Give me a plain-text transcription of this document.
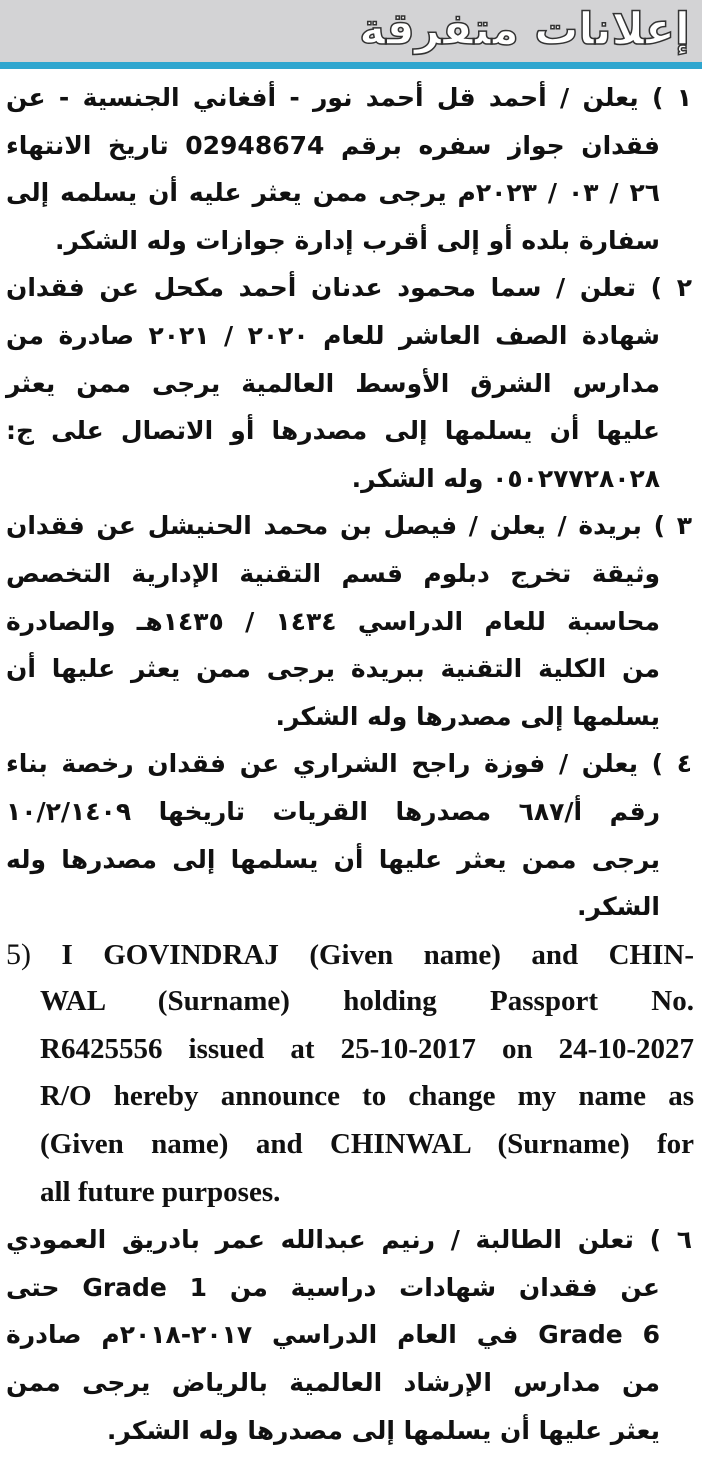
إعلانات متفرقة
١ ) يعلن / أحمد قل أحمد نور - أفغاني الجنسية - عن
فقدان جواز سفره برقم 02948674 تاريخ الانتهاء
٢٦ / ٠٣ / ٢٠٢٣م يرجى ممن يعثر عليه أن يسلمه إلى
سفارة بلده أو إلى أقرب إدارة جوازات وله الشكر.
٢ ) تعلن / سما محمود عدنان أحمد مكحل عن فقدان
شهادة الصف العاشر للعام ٢٠٢٠ / ٢٠٢١ صادرة من
مدارس الشرق الأوسط العالمية يرجى ممن يعثر
عليها أن يسلمها إلى مصدرها أو الاتصال على ج:
٠٥٠٢٧٧٢٨٠٢٨ وله الشكر.
٣ ) بريدة / يعلن / فيصل بن محمد الحنيشل عن فقدان
وثيقة تخرج دبلوم قسم التقنية الإدارية التخصص
محاسبة للعام الدراسي ١٤٣٤ / ١٤٣٥هـ والصادرة
من الكلية التقنية ببريدة يرجى ممن يعثر عليها أن
يسلمها إلى مصدرها وله الشكر.
٤ ) يعلن / فوزة راجح الشراري عن فقدان رخصة بناء
رقم أ/٦٨٧ مصدرها القريات تاريخها ١٠/٢/١٤٠٩
يرجى ممن يعثر عليها أن يسلمها إلى مصدرها وله
الشكر.
5) I GOVINDRAJ (Given name) and CHIN-
WAL (Surname) holding Passport No.
R6425556 issued at 25-10-2017 on 24-10-2027
R/O hereby announce to change my name as
(Given name) and CHINWAL (Surname) for
all future purposes.
٦ ) تعلن الطالبة / رنيم عبدالله عمر بادريق العمودي
عن فقدان شهادات دراسية من Grade 1 حتى
Grade 6 في العام الدراسي ٢٠١٧-٢٠١٨م صادرة
من مدارس الإرشاد العالمية بالرياض يرجى ممن
يعثر عليها أن يسلمها إلى مصدرها وله الشكر.
